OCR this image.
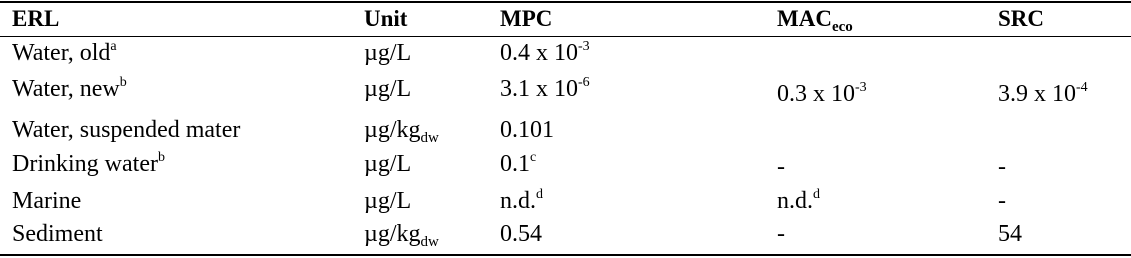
ERL	Unit	MPC	$MAC_{eco}$	SRC
Water, old$^a$	µg/L	0.4 x $10^{-3}$
Water, new$^b$	µg/L	3.1 x $10^{-6}$	0.3 x $10^{-3}$	3.9 x $10^{-4}$
Water, suspended mater	$\mu g/kg_{dw}$	0.101
Drinking water$^b$	µg/L	0.1$^c$	-	-
Marine	µg/L	n.d.$^d$	n.d.$^d$	-
Sediment	$\mu g/kg_{dw}$	0.54	-	54
